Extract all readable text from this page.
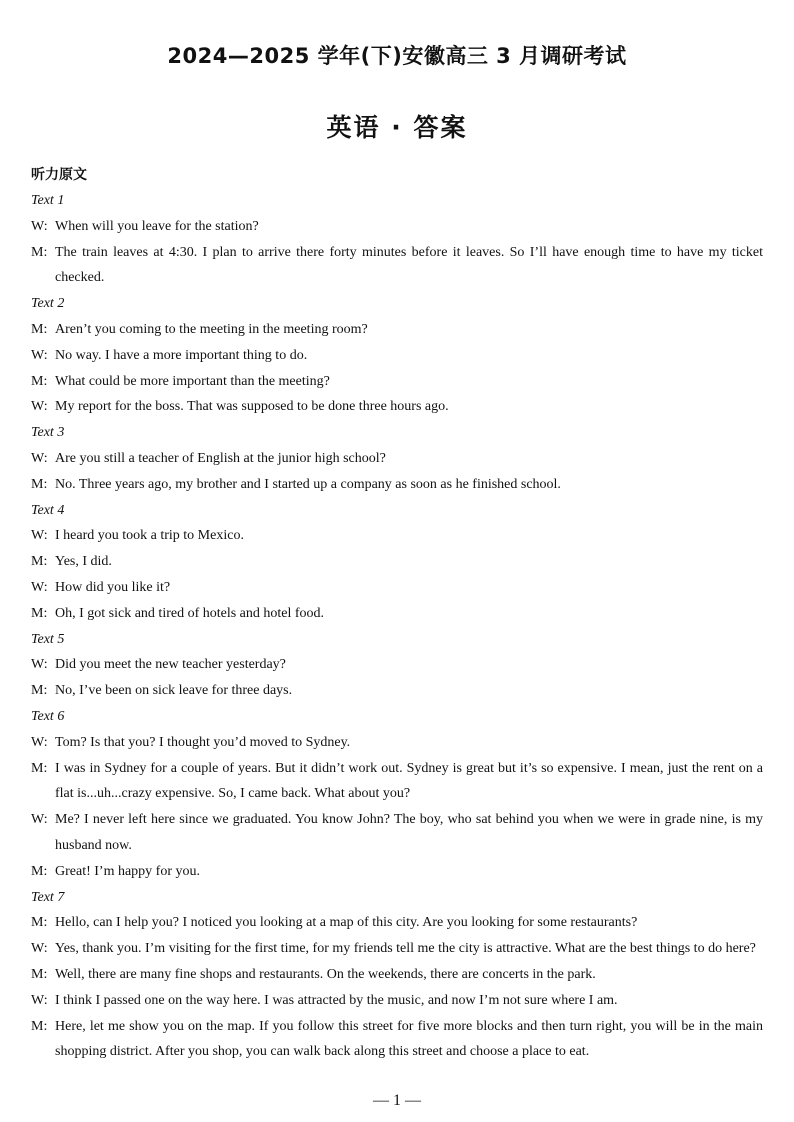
2024—2025 学年(下)安徽高三 3 月调研考试
英语 · 答案
听力原文
Text 1
W: When will you leave for the station?
M: The train leaves at 4:30. I plan to arrive there forty minutes before it leaves. So I’ll have enough time to have my ticket checked.
Text 2
M: Aren’t you coming to the meeting in the meeting room?
W: No way. I have a more important thing to do.
M: What could be more important than the meeting?
W: My report for the boss. That was supposed to be done three hours ago.
Text 3
W: Are you still a teacher of English at the junior high school?
M: No. Three years ago, my brother and I started up a company as soon as he finished school.
Text 4
W: I heard you took a trip to Mexico.
M: Yes, I did.
W: How did you like it?
M: Oh, I got sick and tired of hotels and hotel food.
Text 5
W: Did you meet the new teacher yesterday?
M: No, I’ve been on sick leave for three days.
Text 6
W: Tom? Is that you? I thought you’d moved to Sydney.
M: I was in Sydney for a couple of years. But it didn’t work out. Sydney is great but it’s so expensive. I mean, just the rent on a flat is...uh...crazy expensive. So, I came back. What about you?
W: Me? I never left here since we graduated. You know John? The boy, who sat behind you when we were in grade nine, is my husband now.
M: Great! I’m happy for you.
Text 7
M: Hello, can I help you? I noticed you looking at a map of this city. Are you looking for some restaurants?
W: Yes, thank you. I’m visiting for the first time, for my friends tell me the city is attractive. What are the best things to do here?
M: Well, there are many fine shops and restaurants. On the weekends, there are concerts in the park.
W: I think I passed one on the way here. I was attracted by the music, and now I’m not sure where I am.
M: Here, let me show you on the map. If you follow this street for five more blocks and then turn right, you will be in the main shopping district. After you shop, you can walk back along this street and choose a place to eat.
— 1 —
